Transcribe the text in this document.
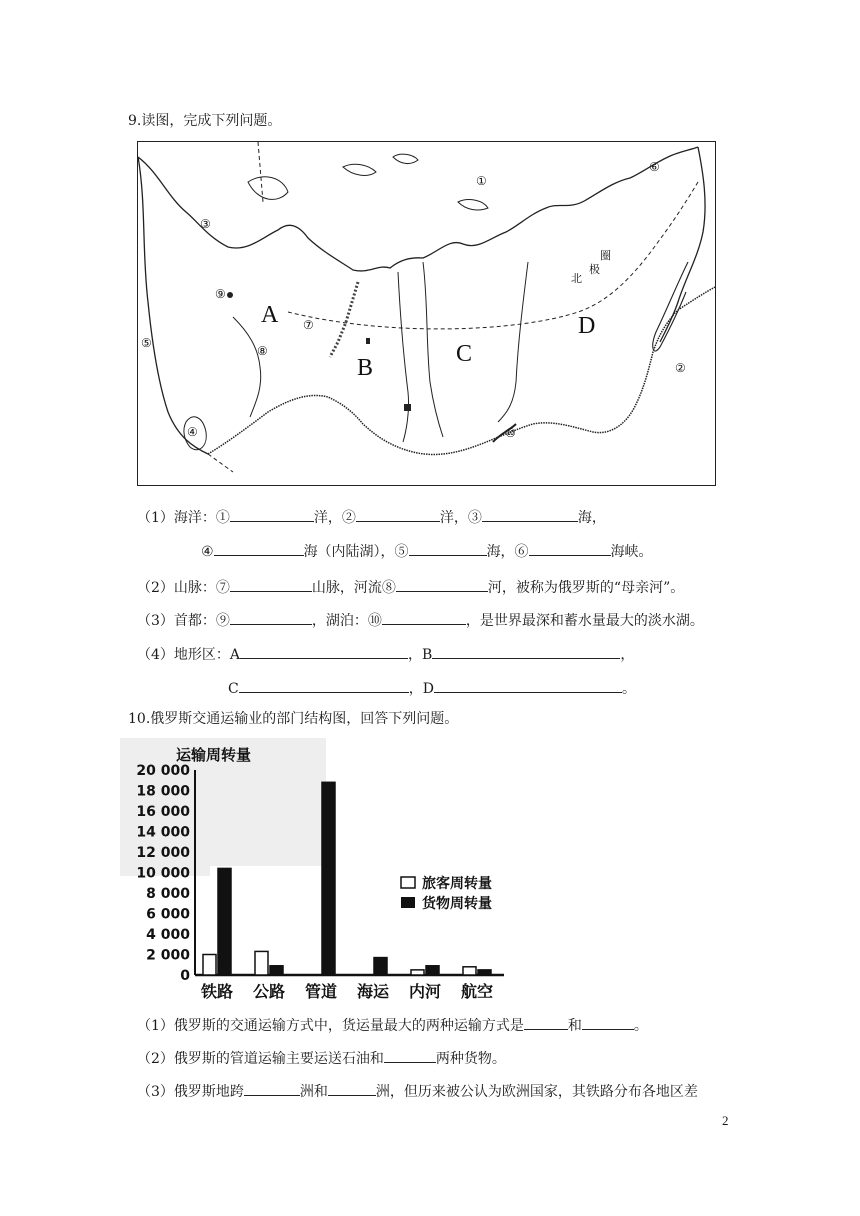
9.读图，完成下列问题。
A
B
C
D
①
②
③
④
⑤
⑥
⑦
⑧
⑨
⑩
北
极
圈
（1）海洋：①	洋，②	洋，③	海，
④	海（内陆湖），⑤	海，⑥	海峡。
（2）山脉：⑦	山脉，河流⑧	河，被称为俄罗斯的“母亲河”。
（3）首都：⑨	，湖泊：⑩	，是世界最深和蓄水量最大的淡水湖。
（4）地形区：A	，B	，
C	，D	。
10.俄罗斯交通运输业的部门结构图，回答下列问题。
运输周转量
20 000
18 000
16 000
14 000
12 000
10 000
8 000
6 000
4 000
2 000
0
铁路 公路 管道 海运 内河 航空
旅客周转量
货物周转量
（1）俄罗斯的交通运输方式中，货运量最大的两种运输方式是	和	。
（2）俄罗斯的管道运输主要运送石油和	两种货物。
（3）俄罗斯地跨	洲和	洲，但历来被公认为欧洲国家，其铁路分布各地区差
2
